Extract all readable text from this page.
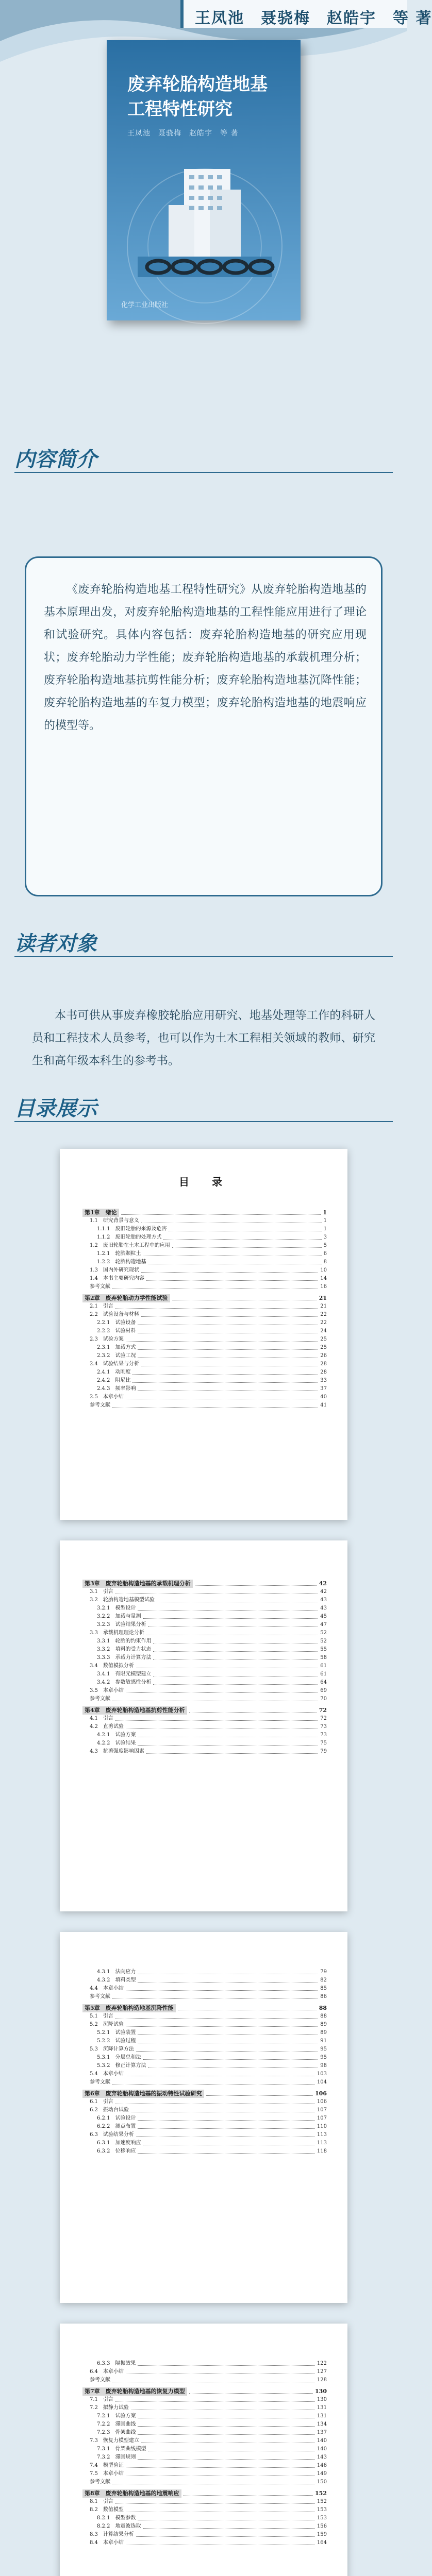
王凤池　聂骁梅　赵皓宇　等 著
废弃轮胎构造地基工程特性研究
王凤池　聂骁梅　赵皓宇　等 著
化学工业出版社
内容简介
《废弃轮胎构造地基工程特性研究》从废弃轮胎构造地基的基本原理出发，对废弃轮胎构造地基的工程性能应用进行了理论和试验研究。具体内容包括：废弃轮胎构造地基的研究应用现状；废弃轮胎动力学性能；废弃轮胎构造地基的承载机理分析；废弃轮胎构造地基抗剪性能分析；废弃轮胎构造地基沉降性能；废弃轮胎构造地基的车复力模型；废弃轮胎构造地基的地震响应的模型等。
读者对象
本书可供从事废弃橡胶轮胎应用研究、地基处理等工作的科研人员和工程技术人员参考，也可以作为土木工程相关领域的教师、研究生和高年级本科生的参考书。
目录展示
目　录
第1章　绪论	1
1.1　研究背景与意义	1
1.1.1　废旧轮胎的来源及危害	1
1.1.2　废旧轮胎的处理方式	3
1.2　废旧轮胎在土木工程中的应用	5
1.2.1　轮胎颗粒土	6
1.2.2　轮胎构造地基	8
1.3　国内外研究现状	10
1.4　本书主要研究内容	14
参考文献	16
第2章　废弃轮胎动力学性能试验	21
2.1　引言	21
2.2　试验设备与材料	22
2.2.1　试验设备	22
2.2.2　试验材料	24
2.3　试验方案	25
2.3.1　加载方式	25
2.3.2　试验工况	26
2.4　试验结果与分析	28
2.4.1　动刚度	28
2.4.2　阻尼比	33
2.4.3　频率影响	37
2.5　本章小结	40
参考文献	41
第3章　废弃轮胎构造地基的承载机理分析	42
3.1　引言	42
3.2　轮胎构造地基模型试验	43
3.2.1　模型设计	43
3.2.2　加载与量测	45
3.2.3　试验结果分析	47
3.3　承载机理理论分析	52
3.3.1　轮胎的约束作用	52
3.3.2　填料的受力状态	55
3.3.3　承载力计算方法	58
3.4　数值模拟分析	61
3.4.1　有限元模型建立	61
3.4.2　参数敏感性分析	64
3.5　本章小结	69
参考文献	70
第4章　废弃轮胎构造地基抗剪性能分析	72
4.1　引言	72
4.2　直剪试验	73
4.2.1　试验方案	73
4.2.2　试验结果	75
4.3　抗剪强度影响因素	79
4.3.1　法向应力	79
4.3.2　填料类型	82
4.4　本章小结	85
参考文献	86
第5章　废弃轮胎构造地基沉降性能	88
5.1　引言	88
5.2　沉降试验	89
5.2.1　试验装置	89
5.2.2　试验过程	91
5.3　沉降计算方法	95
5.3.1　分层总和法	95
5.3.2　修正计算方法	98
5.4　本章小结	103
参考文献	104
第6章　废弃轮胎构造地基的振动特性试验研究	106
6.1　引言	106
6.2　振动台试验	107
6.2.1　试验设计	107
6.2.2　测点布置	110
6.3　试验结果分析	113
6.3.1　加速度响应	113
6.3.2　位移响应	118
6.3.3　隔振效果	122
6.4　本章小结	127
参考文献	128
第7章　废弃轮胎构造地基的恢复力模型	130
7.1　引言	130
7.2　拟静力试验	131
7.2.1　试验方案	131
7.2.2　滞回曲线	134
7.2.3　骨架曲线	137
7.3　恢复力模型建立	140
7.3.1　骨架曲线模型	140
7.3.2　滞回规则	143
7.4　模型验证	146
7.5　本章小结	149
参考文献	150
第8章　废弃轮胎构造地基的地震响应	152
8.1　引言	152
8.2　数值模型	153
8.2.1　模型参数	153
8.2.2　地震波选取	156
8.3　计算结果分析	159
8.4　本章小结	164
